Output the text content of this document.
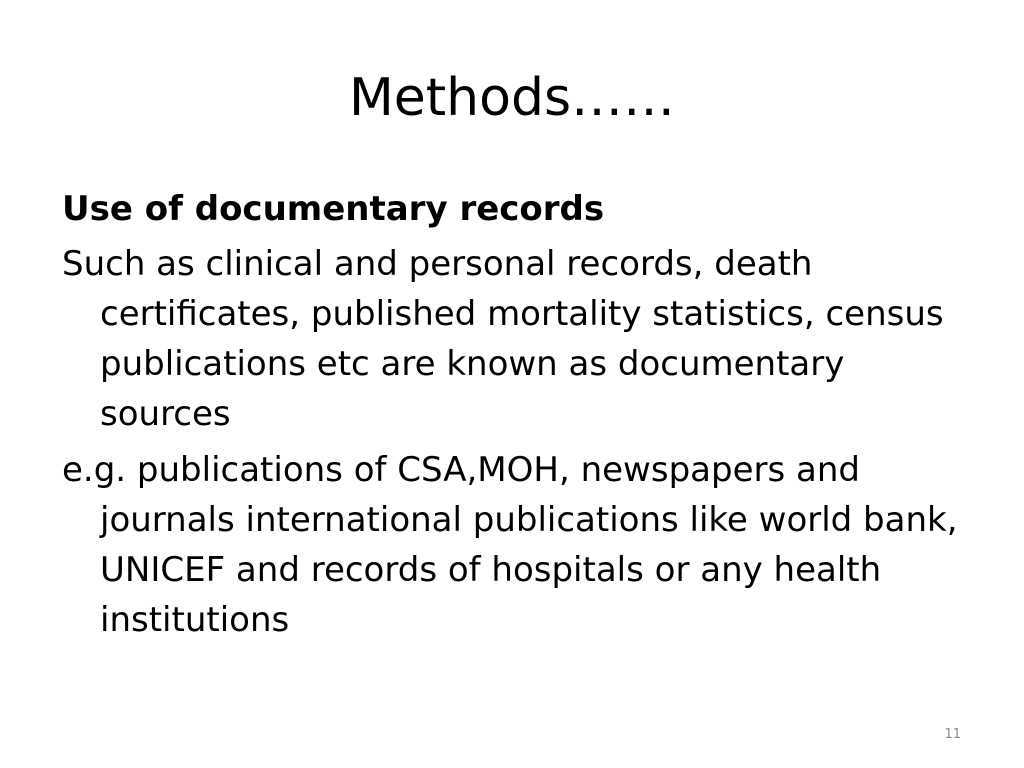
Methods……
Use of documentary records
Such as clinical and personal records, death certificates, published mortality statistics, census publications etc are known as documentary sources
e.g. publications of CSA,MOH, newspapers and journals international publications like world bank, UNICEF and records of hospitals or any health institutions
11
